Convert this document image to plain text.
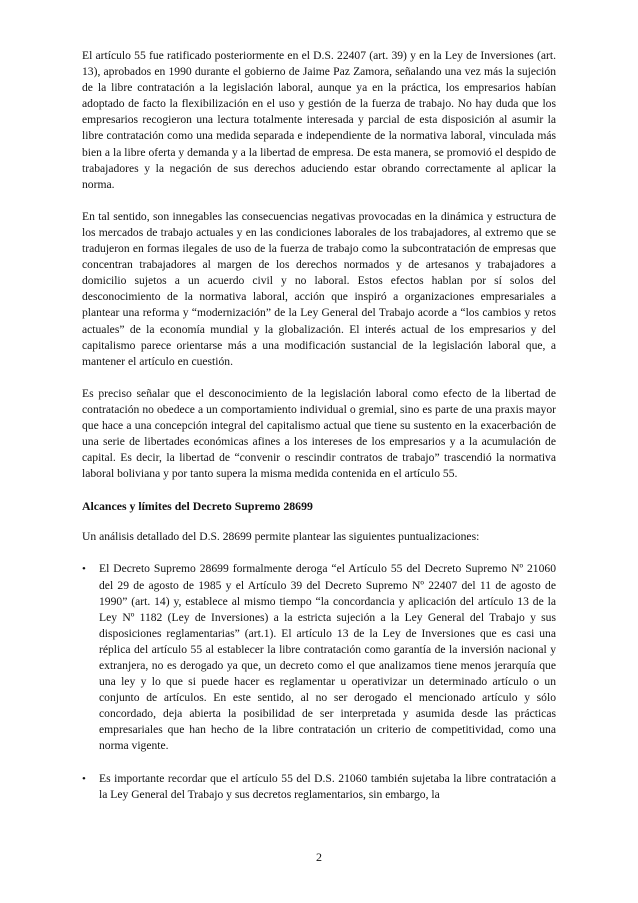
El artículo 55 fue ratificado posteriormente en el D.S. 22407 (art. 39) y en la Ley de Inversiones (art. 13), aprobados en 1990 durante el gobierno de Jaime Paz Zamora, señalando una vez más la sujeción de la libre contratación a la legislación laboral, aunque ya en la práctica, los empresarios habían adoptado de facto la flexibilización en el uso y gestión de la fuerza de trabajo. No hay duda que los empresarios recogieron una lectura totalmente interesada y parcial de esta disposición al asumir la libre contratación como una medida separada e independiente de la normativa laboral, vinculada más bien a la libre oferta y demanda y a la libertad de empresa. De esta manera, se promovió el despido de trabajadores y la negación de sus derechos aduciendo estar obrando correctamente al aplicar la norma.

En tal sentido, son innegables las consecuencias negativas provocadas en la dinámica y estructura de los mercados de trabajo actuales y en las condiciones laborales de los trabajadores, al extremo que se tradujeron en formas ilegales de uso de la fuerza de trabajo como la subcontratación de empresas que concentran trabajadores al margen de los derechos normados y de artesanos y trabajadores a domicilio sujetos a un acuerdo civil y no laboral. Estos efectos hablan por sí solos del desconocimiento de la normativa laboral, acción que inspiró a organizaciones empresariales a plantear una reforma y “modernización” de la Ley General del Trabajo acorde a “los cambios y retos actuales” de la economía mundial y la globalización. El interés actual de los empresarios y del capitalismo parece orientarse más a una modificación sustancial de la legislación laboral que, a mantener el artículo en cuestión.

Es preciso señalar que el desconocimiento de la legislación laboral como efecto de la libertad de contratación no obedece a un comportamiento individual o gremial, sino es parte de una praxis mayor que hace a una concepción integral del capitalismo actual que tiene su sustento en la exacerbación de una serie de libertades económicas afines a los intereses de los empresarios y a la acumulación de capital. Es decir, la libertad de “convenir o rescindir contratos de trabajo” trascendió la normativa laboral boliviana y por tanto supera la misma medida contenida en el artículo 55.

Alcances y límites del Decreto Supremo 28699

Un análisis detallado del D.S. 28699 permite plantear las siguientes puntualizaciones:

• El Decreto Supremo 28699 formalmente deroga “el Artículo 55 del Decreto Supremo Nº 21060 del 29 de agosto de 1985 y el Artículo 39 del Decreto Supremo Nº 22407 del 11 de agosto de 1990” (art. 14) y, establece al mismo tiempo “la concordancia y aplicación del artículo 13 de la Ley Nº 1182 (Ley de Inversiones) a la estricta sujeción a la Ley General del Trabajo y sus disposiciones reglamentarias” (art.1). El artículo 13 de la Ley de Inversiones que es casi una réplica del artículo 55 al establecer la libre contratación como garantía de la inversión nacional y extranjera, no es derogado ya que, un decreto como el que analizamos tiene menos jerarquía que una ley y lo que si puede hacer es reglamentar u operativizar un determinado artículo o un conjunto de artículos. En este sentido, al no ser derogado el mencionado artículo y sólo concordado, deja abierta la posibilidad de ser interpretada y asumida desde las prácticas empresariales que han hecho de la libre contratación un criterio de competitividad, como una norma vigente.
• Es importante recordar que el artículo 55 del D.S. 21060 también sujetaba la libre contratación a la Ley General del Trabajo y sus decretos reglamentarios, sin embargo, la
2
